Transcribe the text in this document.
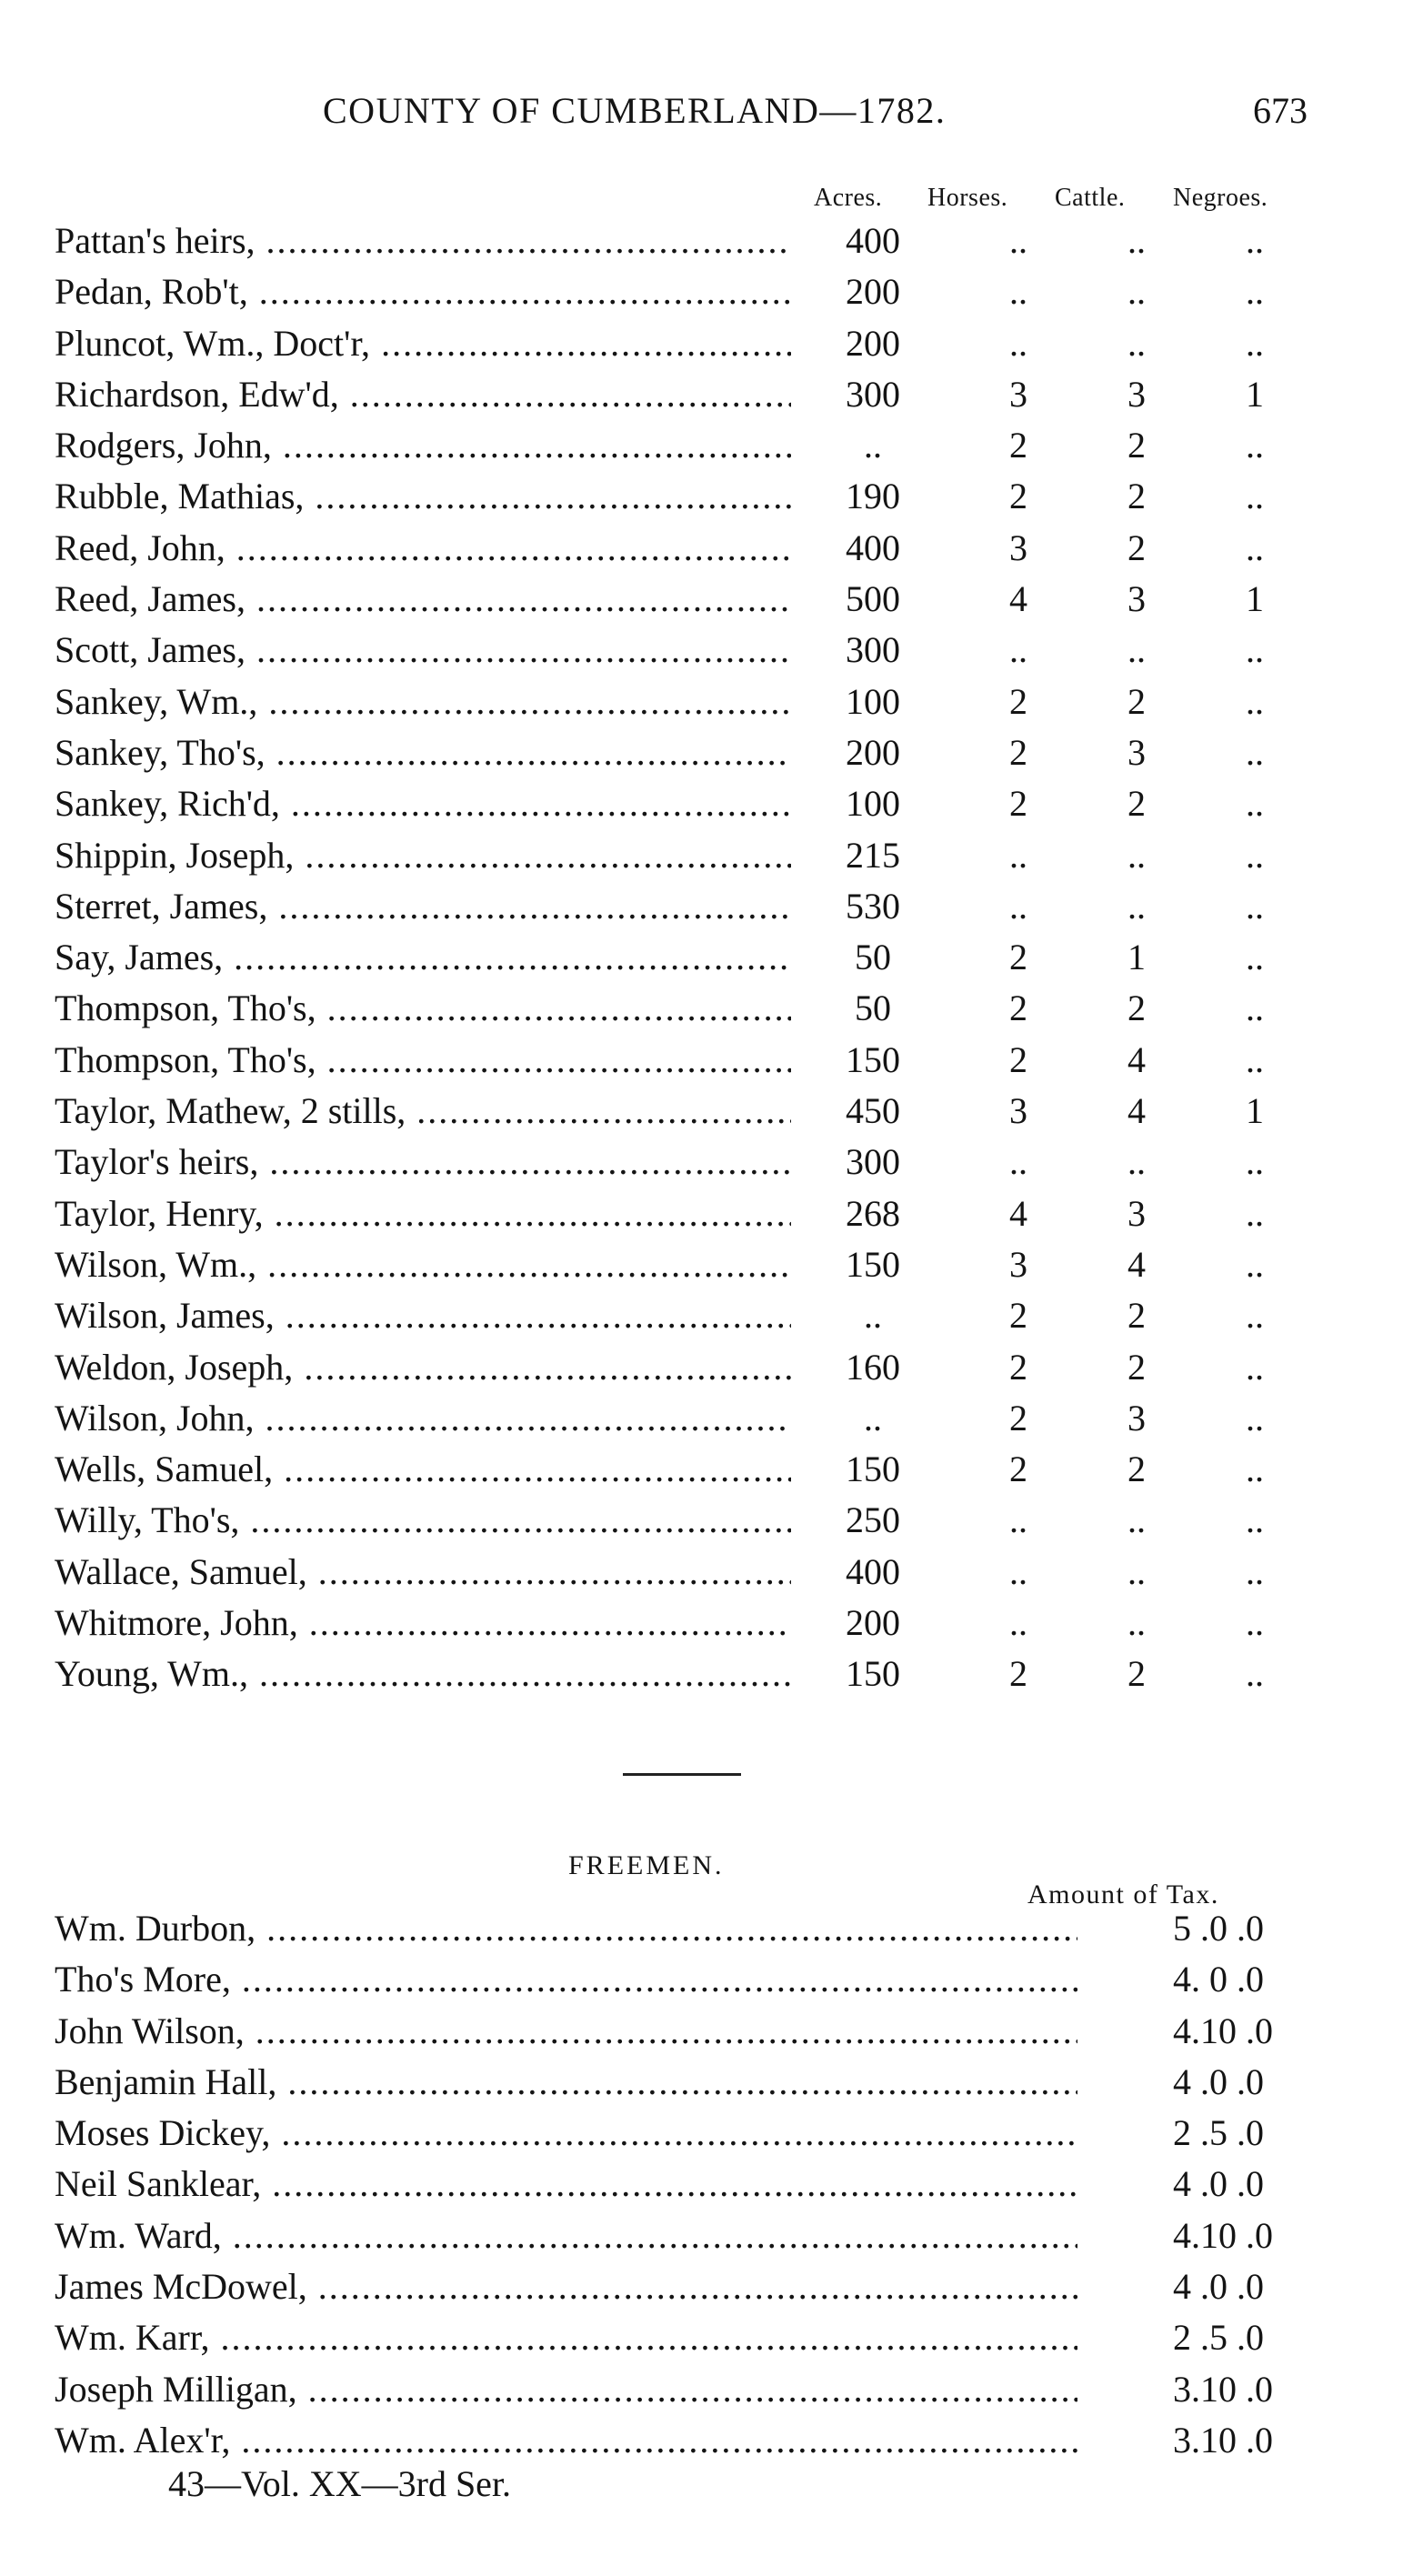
COUNTY OF CUMBERLAND—1782.	673
Acres. Horses. Cattle. Negroes.
Pattan's heirs, .....	400	..	..	..
Pedan, Rob't, .....	200	..	..	..
Pluncot, Wm., Doct'r, .....	200	..	..	..
Richardson, Edw'd, .....	300	3	3	1
Rodgers, John, .....	..	2	2	..
Rubble, Mathias, .....	190	2	2	..
Reed, John, .....	400	3	2	..
Reed, James, .....	500	4	3	1
Scott, James, .....	300	..	..	..
Sankey, Wm., .....	100	2	2	..
Sankey, Tho's, .....	200	2	3	..
Sankey, Rich'd, .....	100	2	2	..
Shippin, Joseph, .....	215	..	..	..
Sterret, James, .....	530	..	..	..
Say, James, .....	50	2	1	..
Thompson, Tho's, .....	50	2	2	..
Thompson, Tho's, .....	150	2	4	..
Taylor, Mathew, 2 stills, .....	450	3	4	1
Taylor's heirs, .....	300	..	..	..
Taylor, Henry, .....	268	4	3	..
Wilson, Wm., .....	150	3	4	..
Wilson, James, .....	..	2	2	..
Weldon, Joseph, .....	160	2	2	..
Wilson, John, .....	..	2	3	..
Wells, Samuel, .....	150	2	2	..
Willy, Tho's, .....	250	..	..	..
Wallace, Samuel, .....	400	..	..	..
Whitmore, John, .....	200	..	..	..
Young, Wm., .....	150	2	2	..
FREEMEN.
Amount of Tax.
Wm. Durbon, .....	5 .0 .0
Tho's More, .....	4. 0 .0
John Wilson, .....	4.10 .0
Benjamin Hall, .....	4 .0 .0
Moses Dickey, .....	2 .5 .0
Neil Sanklear, .....	4 .0 .0
Wm. Ward, .....	4.10 .0
James McDowel, .....	4 .0 .0
Wm. Karr, .....	2 .5 .0
Joseph Milligan, .....	3.10 .0
Wm. Alex'r, .....	3.10 .0
43—Vol. XX—3rd Ser.
